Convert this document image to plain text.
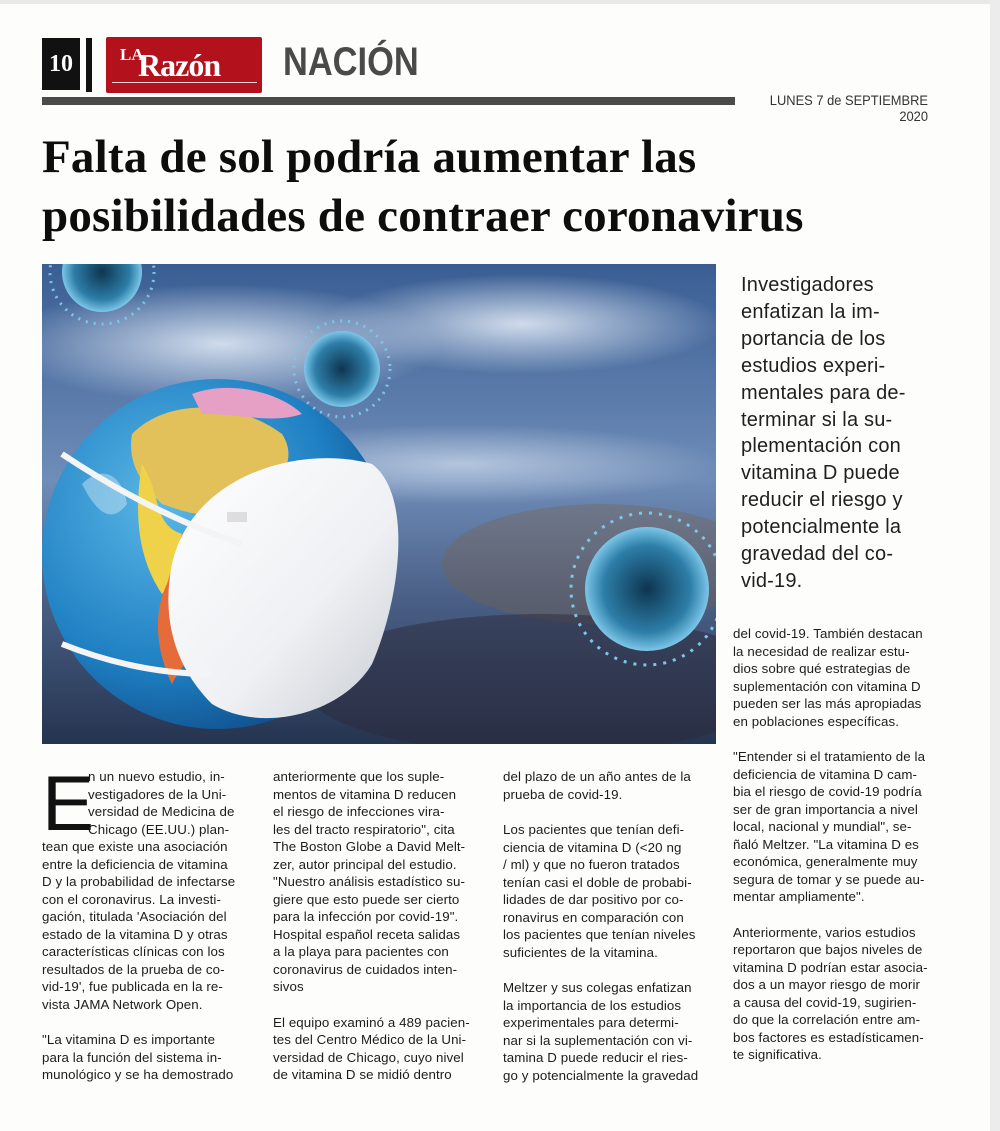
10	LA
Razón NACIÓN
LUNES 7 de SEPTIEMBRE 2020
Falta de sol podría aumentar las
posibilidades de contraer coronavirus
Investigadores
enfatizan la im-
portancia de los
estudios experi-
mentales para de-
terminar si la su-
plementación con
vitamina D puede
reducir el riesgo y
potencialmente la
gravedad del co-
vid-19.
E
n un nuevo estudio, in-
vestigadores de la Uni-
versidad de Medicina de
Chicago (EE.UU.) plan-
tean que existe una asociación
entre la deficiencia de vitamina
D y la probabilidad de infectarse
con el coronavirus. La investi-
gación, titulada 'Asociación del
estado de la vitamina D y otras
características clínicas con los
resultados de la prueba de co-
vid-19', fue publicada en la re-
vista JAMA Network Open.
"La vitamina D es importante
para la función del sistema in-
munológico y se ha demostrado
anteriormente que los suple-
mentos de vitamina D reducen
el riesgo de infecciones vira-
les del tracto respiratorio", cita
The Boston Globe a David Melt-
zer, autor principal del estudio.
"Nuestro análisis estadístico su-
giere que esto puede ser cierto
para la infección por covid-19".
Hospital español receta salidas
a la playa para pacientes con
coronavirus de cuidados inten-
sivos
El equipo examinó a 489 pacien-
tes del Centro Médico de la Uni-
versidad de Chicago, cuyo nivel
de vitamina D se midió dentro
del plazo de un año antes de la
prueba de covid-19.
Los pacientes que tenían defi-
ciencia de vitamina D (<20 ng
/ ml) y que no fueron tratados
tenían casi el doble de probabi-
lidades de dar positivo por co-
ronavirus en comparación con
los pacientes que tenían niveles
suficientes de la vitamina.
Meltzer y sus colegas enfatizan
la importancia de los estudios
experimentales para determi-
nar si la suplementación con vi-
tamina D puede reducir el ries-
go y potencialmente la gravedad
del covid-19. También destacan
la necesidad de realizar estu-
dios sobre qué estrategias de
suplementación con vitamina D
pueden ser las más apropiadas
en poblaciones específicas.
"Entender si el tratamiento de la
deficiencia de vitamina D cam-
bia el riesgo de covid-19 podría
ser de gran importancia a nivel
local, nacional y mundial", se-
ñaló Meltzer. "La vitamina D es
económica, generalmente muy
segura de tomar y se puede au-
mentar ampliamente".
Anteriormente, varios estudios
reportaron que bajos niveles de
vitamina D podrían estar asocia-
dos a un mayor riesgo de morir
a causa del covid-19, sugirien-
do que la correlación entre am-
bos factores es estadísticamen-
te significativa.
